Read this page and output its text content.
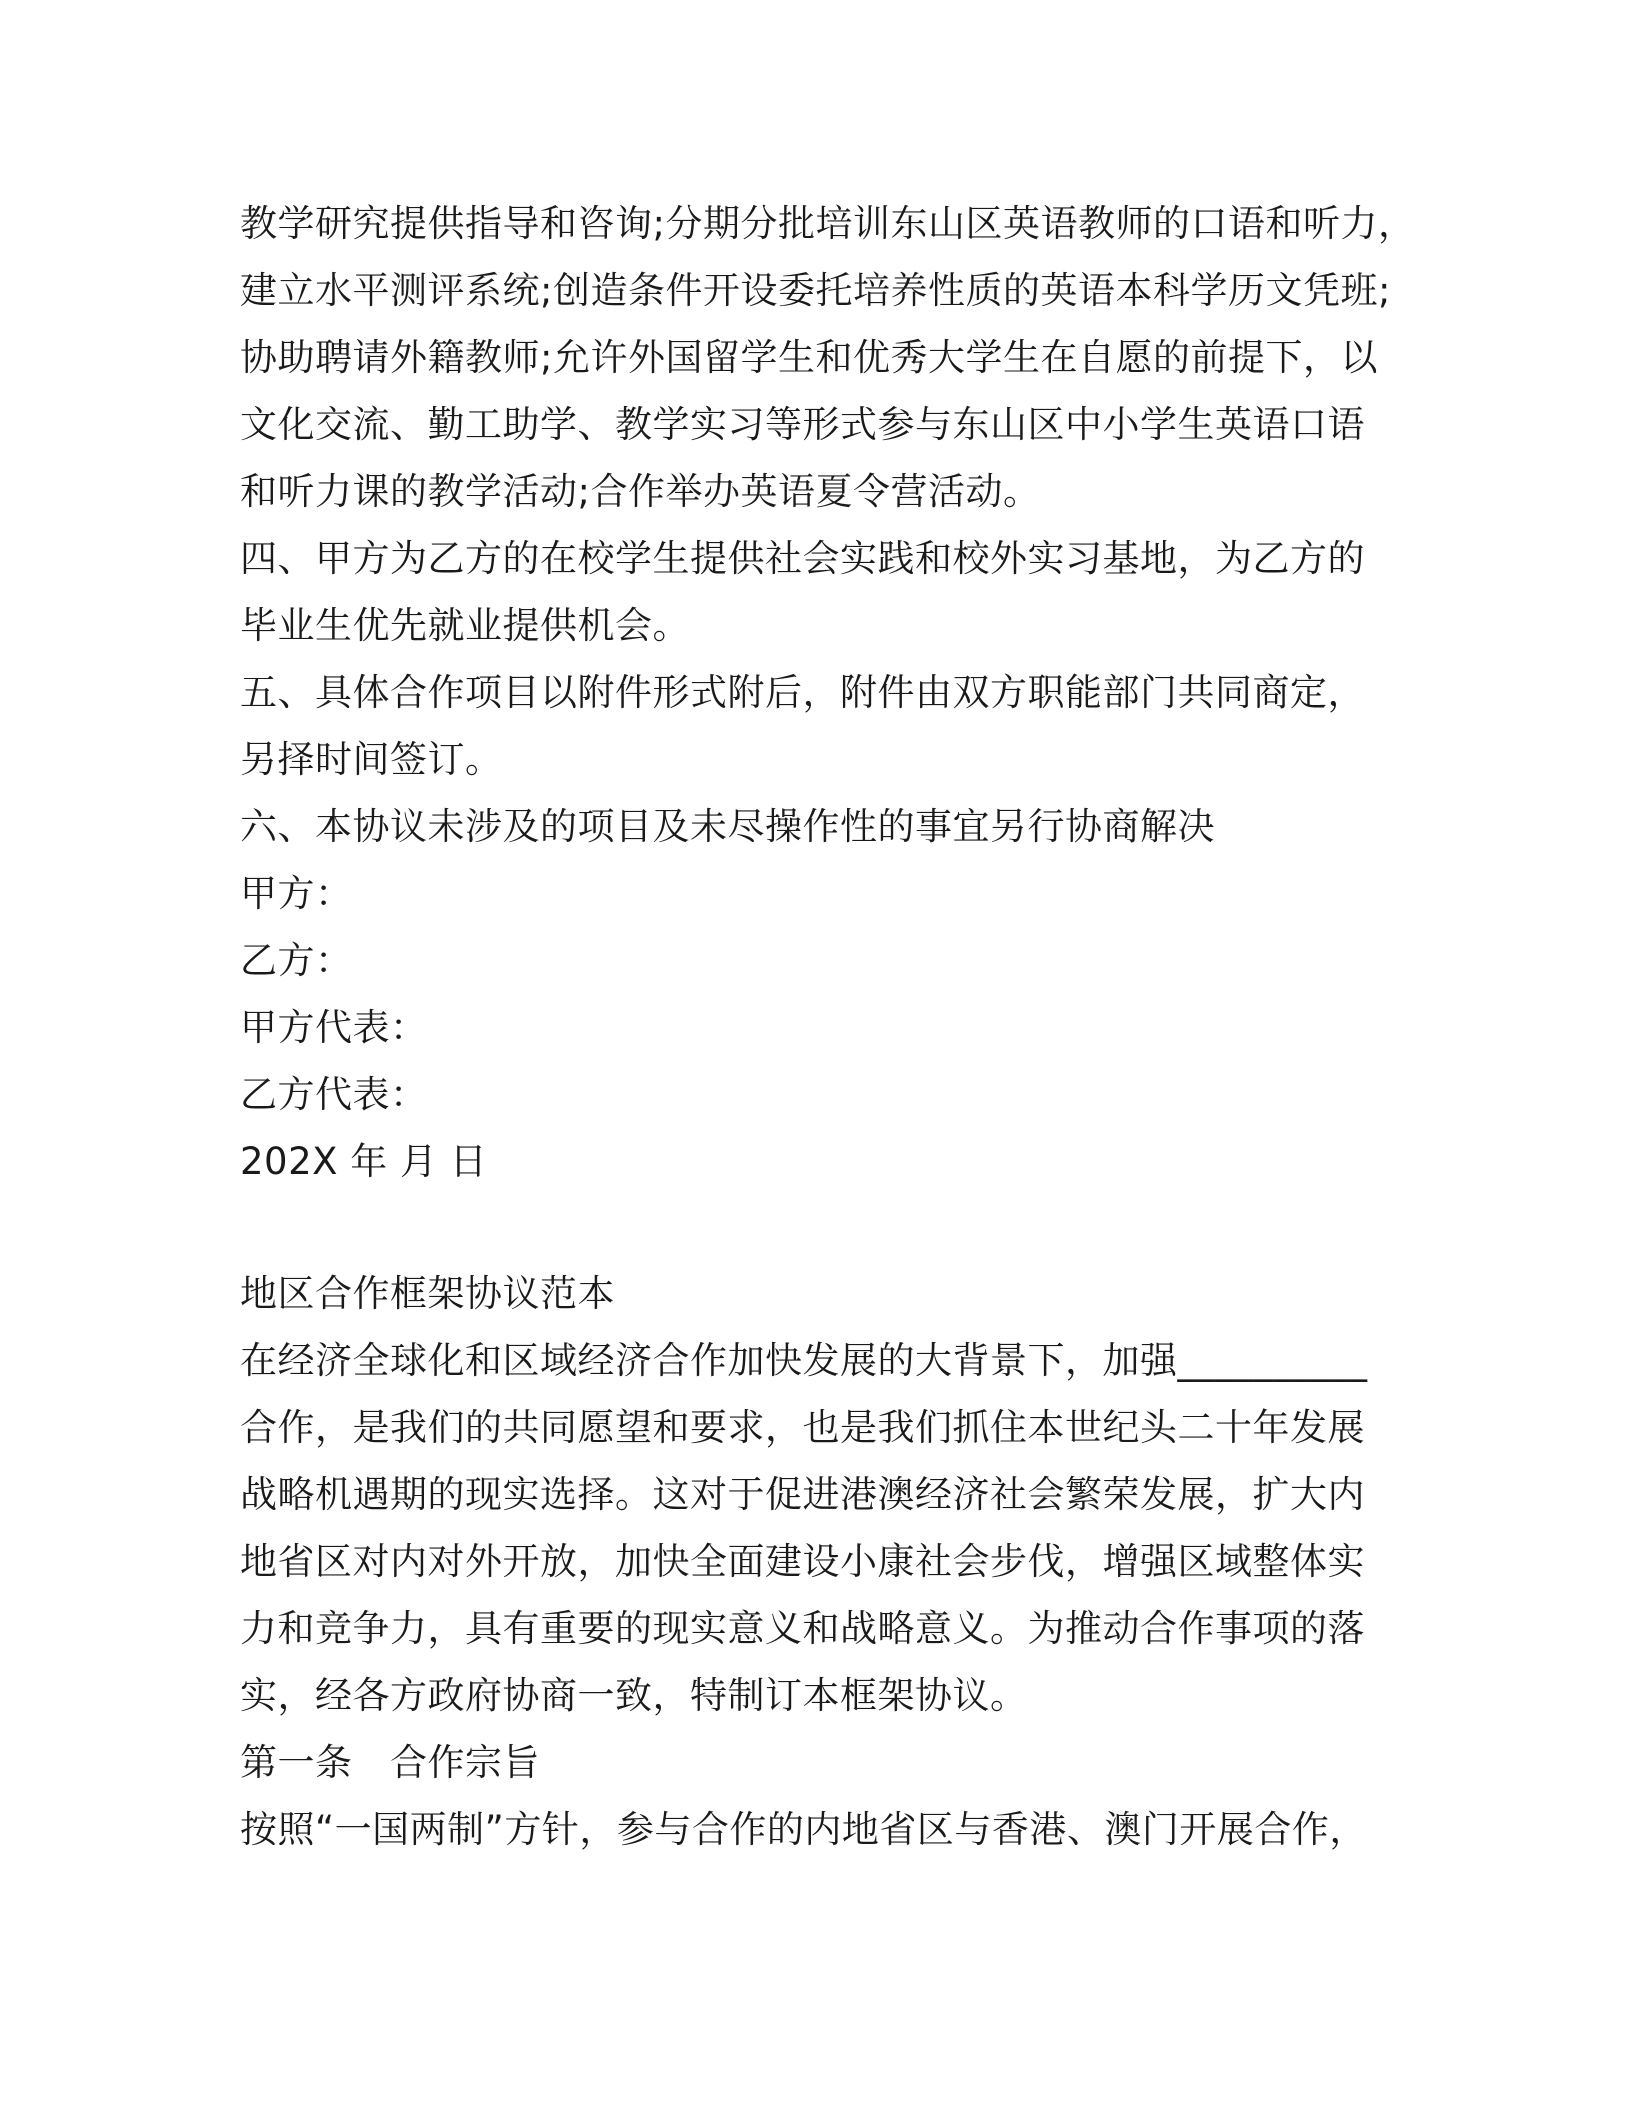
教学研究提供指导和咨询;分期分批培训东山区英语教师的口语和听力，
建立水平测评系统;创造条件开设委托培养性质的英语本科学历文凭班;
协助聘请外籍教师;允许外国留学生和优秀大学生在自愿的前提下，以
文化交流、勤工助学、教学实习等形式参与东山区中小学生英语口语
和听力课的教学活动;合作举办英语夏令营活动。
四、甲方为乙方的在校学生提供社会实践和校外实习基地，为乙方的
毕业生优先就业提供机会。
五、具体合作项目以附件形式附后，附件由双方职能部门共同商定，
另择时间签订。
六、本协议未涉及的项目及未尽操作性的事宜另行协商解决
甲方：
乙方：
甲方代表：
乙方代表：
202X 年 月 日
地区合作框架协议范本
在经济全球化和区域经济合作加快发展的大背景下，加强__________
合作，是我们的共同愿望和要求，也是我们抓住本世纪头二十年发展
战略机遇期的现实选择。这对于促进港澳经济社会繁荣发展，扩大内
地省区对内对外开放，加快全面建设小康社会步伐，增强区域整体实
力和竞争力，具有重要的现实意义和战略意义。为推动合作事项的落
实，经各方政府协商一致，特制订本框架协议。
第一条　合作宗旨
按照“一国两制”方针，参与合作的内地省区与香港、澳门开展合作，
